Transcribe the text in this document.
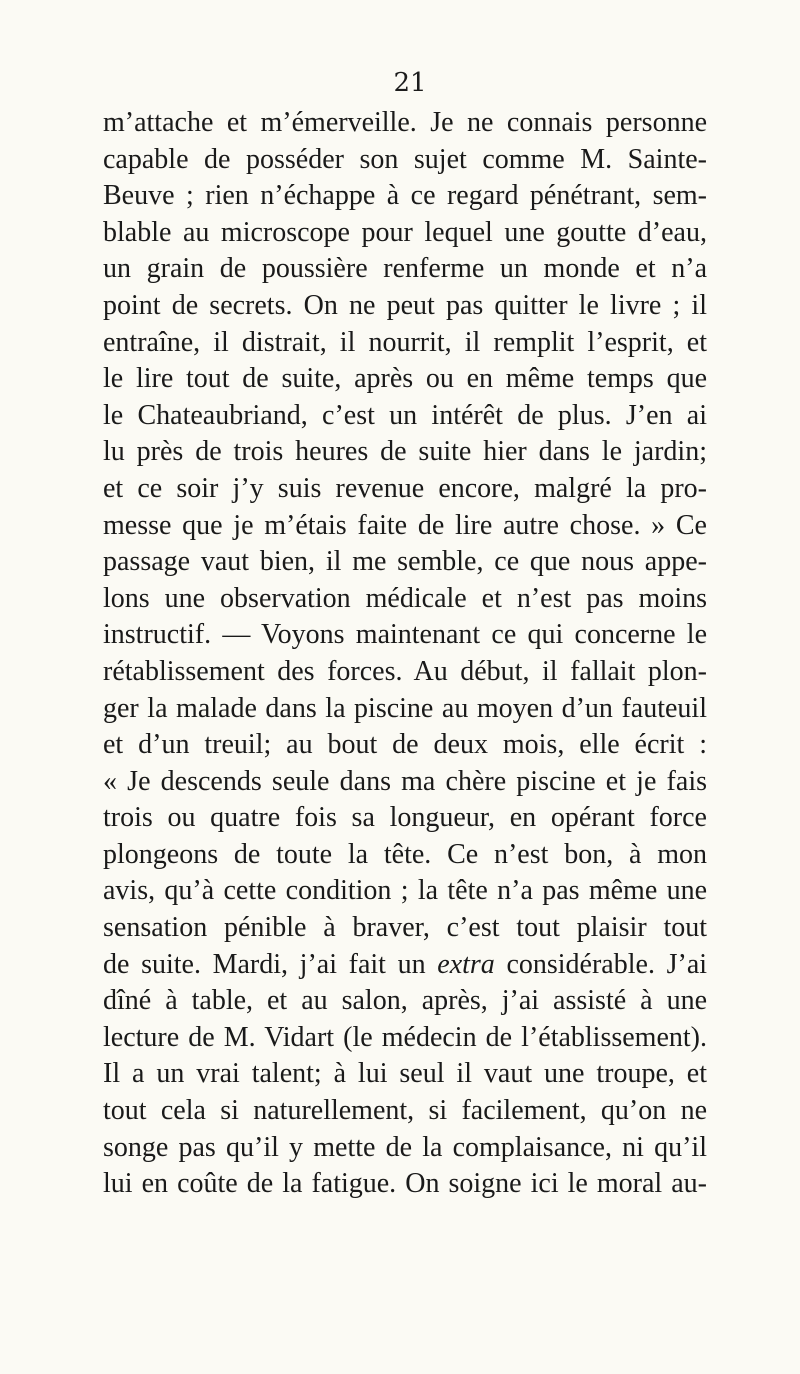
21
m’attache et m’émerveille. Je ne connais personne
capable de posséder son sujet comme M. Sainte-
Beuve ; rien n’échappe à ce regard pénétrant, sem-
blable au microscope pour lequel une goutte d’eau,
un grain de poussière renferme un monde et n’a
point de secrets. On ne peut pas quitter le livre ; il
entraîne, il distrait, il nourrit, il remplit l’esprit, et
le lire tout de suite, après ou en même temps que
le Chateaubriand, c’est un intérêt de plus. J’en ai
lu près de trois heures de suite hier dans le jardin;
et ce soir j’y suis revenue encore, malgré la pro-
messe que je m’étais faite de lire autre chose. » Ce
passage vaut bien, il me semble, ce que nous appe-
lons une observation médicale et n’est pas moins
instructif. — Voyons maintenant ce qui concerne le
rétablissement des forces. Au début, il fallait plon-
ger la malade dans la piscine au moyen d’un fauteuil
et d’un treuil; au bout de deux mois, elle écrit :
« Je descends seule dans ma chère piscine et je fais
trois ou quatre fois sa longueur, en opérant force
plongeons de toute la tête. Ce n’est bon, à mon
avis, qu’à cette condition ; la tête n’a pas même une
sensation pénible à braver, c’est tout plaisir tout
de suite. Mardi, j’ai fait un extra considérable. J’ai
dîné à table, et au salon, après, j’ai assisté à une
lecture de M. Vidart (le médecin de l’établissement).
Il a un vrai talent; à lui seul il vaut une troupe, et
tout cela si naturellement, si facilement, qu’on ne
songe pas qu’il y mette de la complaisance, ni qu’il
lui en coûte de la fatigue. On soigne ici le moral au-
